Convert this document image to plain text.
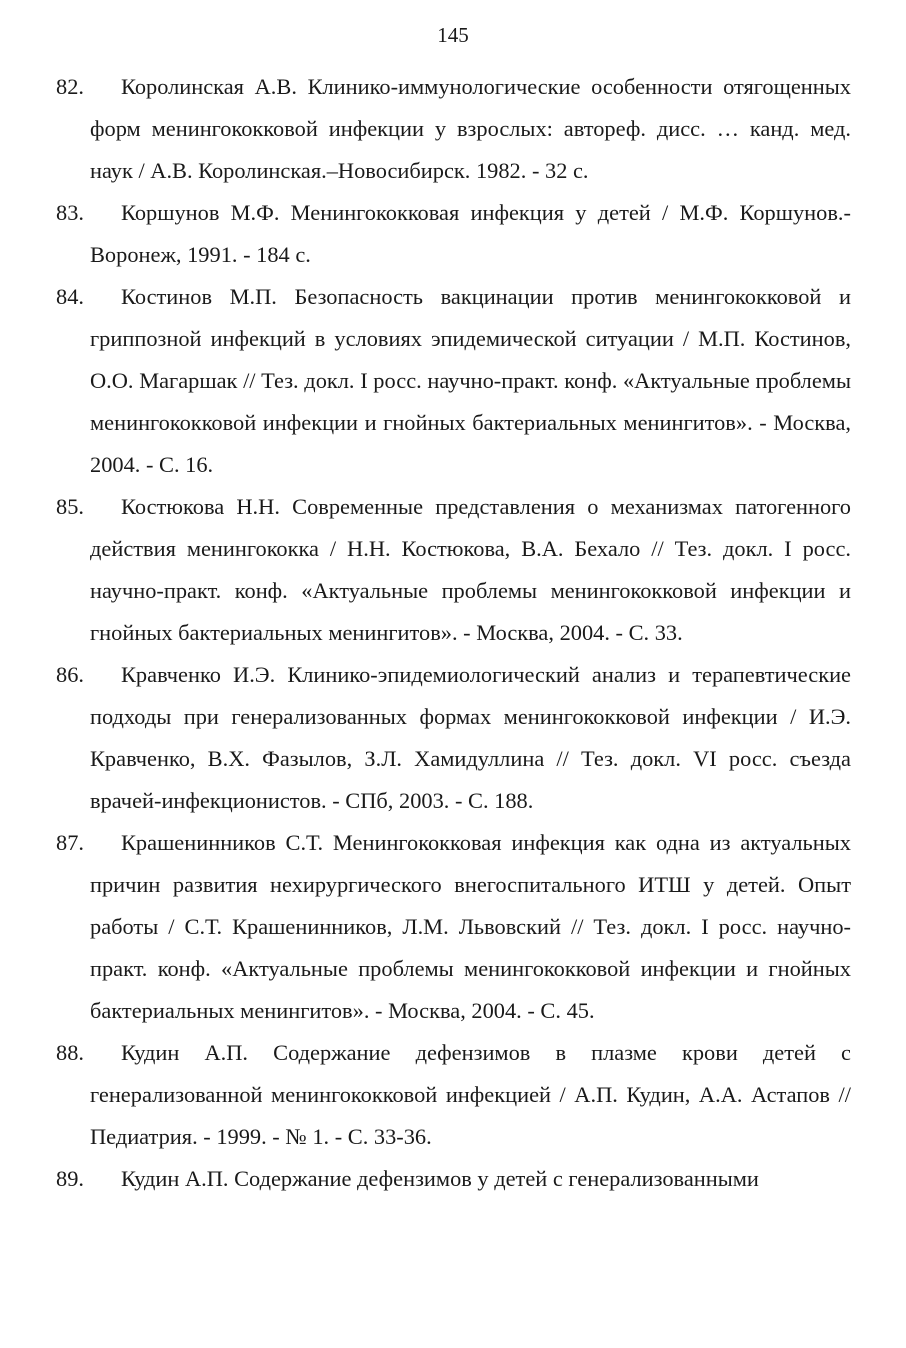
145
82.	Королинская А.В. Клинико-иммунологические особенности отягощенных форм менингококковой инфекции у взрослых: автореф. дисс. … канд. мед. наук / А.В. Королинская.–Новосибирск. 1982. - 32 с.
83.	Коршунов М.Ф. Менингококковая инфекция у детей / М.Ф. Коршунов.- Воронеж, 1991. - 184 с.
84.	Костинов М.П. Безопасность вакцинации против менингококковой и гриппозной инфекций в условиях эпидемической ситуации / М.П. Костинов, О.О. Магаршак // Тез. докл. I росс. научно-практ. конф. «Актуальные проблемы менингококковой инфекции и гнойных бактериальных менингитов». - Москва, 2004. - С. 16.
85.	Костюкова Н.Н. Современные представления о механизмах патогенного действия менингококка / Н.Н. Костюкова, В.А. Бехало // Тез. докл. I росс. научно-практ. конф. «Актуальные проблемы менингококковой инфекции и гнойных бактериальных менингитов». - Москва, 2004. - С. 33.
86.	Кравченко И.Э. Клинико-эпидемиологический анализ и терапевтические подходы при генерализованных формах менингококковой инфекции / И.Э. Кравченко, В.Х. Фазылов, З.Л. Хамидуллина // Тез. докл. VI росс. съезда врачей-инфекционистов. - СПб, 2003. - С. 188.
87.	Крашенинников С.Т. Менингококковая инфекция как одна из актуальных причин развития нехирургического внегоспитального ИТШ у детей. Опыт работы / С.Т. Крашенинников, Л.М. Львовский // Тез. докл. I росс. научно-практ. конф. «Актуальные проблемы менингококковой инфекции и гнойных бактериальных менингитов». - Москва, 2004. - С. 45.
88.	Кудин А.П. Содержание дефензимов в плазме крови детей с генерализованной менингококковой инфекцией / А.П. Кудин, А.А. Астапов // Педиатрия. - 1999. - № 1. - С. 33-36.
89.	Кудин А.П. Содержание дефензимов у детей с генерализованными
